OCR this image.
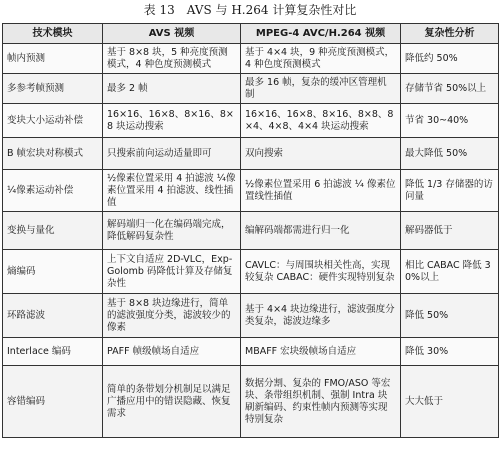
表 13　AVS 与 H.264 计算复杂性对比
技术模块	AVS 视频	MPEG-4 AVC/H.264 视频	复杂性分析
帧内预测	基于 8×8 块，5 种亮度预测模式，4 种色度预测模式	基于 4×4 块，9 种亮度预测模式，4 种色度预测模式	降低约 50%
多参考帧预测	最多 2 帧	最多 16 帧，复杂的缓冲区管理机制	存储节省 50%以上
变块大小运动补偿	16×16、16×8、8×16、8×8 块运动搜索	16×16、16×8、8×16、8×8、8×4、4×8、4×4 块运动搜索	节省 30~40%
B 帧宏块对称模式	只搜索前向运动适量即可	双向搜索	最大降低 50%
¼像素运动补偿	½像素位置采用 4 拍滤波 ¼像素位置采用 4 拍滤波、线性插值	½像素位置采用 6 拍滤波 ¼ 像素位置线性插值	降低 1/3 存储器的访问量
变换与量化	解码端归一化在编码端完成，降低解码复杂性	编解码端都需进行归一化	解码器低于
熵编码	上下文自适应 2D-VLC，Exp-Golomb 码降低计算及存储复杂性	CAVLC：与周围块相关性高，实现较复杂 CABAC：硬件实现特别复杂	相比 CABAC 降低 30%以上
环路滤波	基于 8×8 块边缘进行，简单的滤波强度分类，滤波较少的像素	基于 4×4 块边缘进行，滤波强度分类复杂，滤波边缘多	降低 50%
Interlace 编码	PAFF 帧级帧场自适应	MBAFF 宏块级帧场自适应	降低 30%
容错编码	简单的条带划分机制足以满足广播应用中的错误隐藏、恢复需求	数据分割、复杂的 FMO/ASO 等宏块、条带组织机制、强制 Intra 块刷新编码、约束性帧内预测等实现特别复杂	大大低于
